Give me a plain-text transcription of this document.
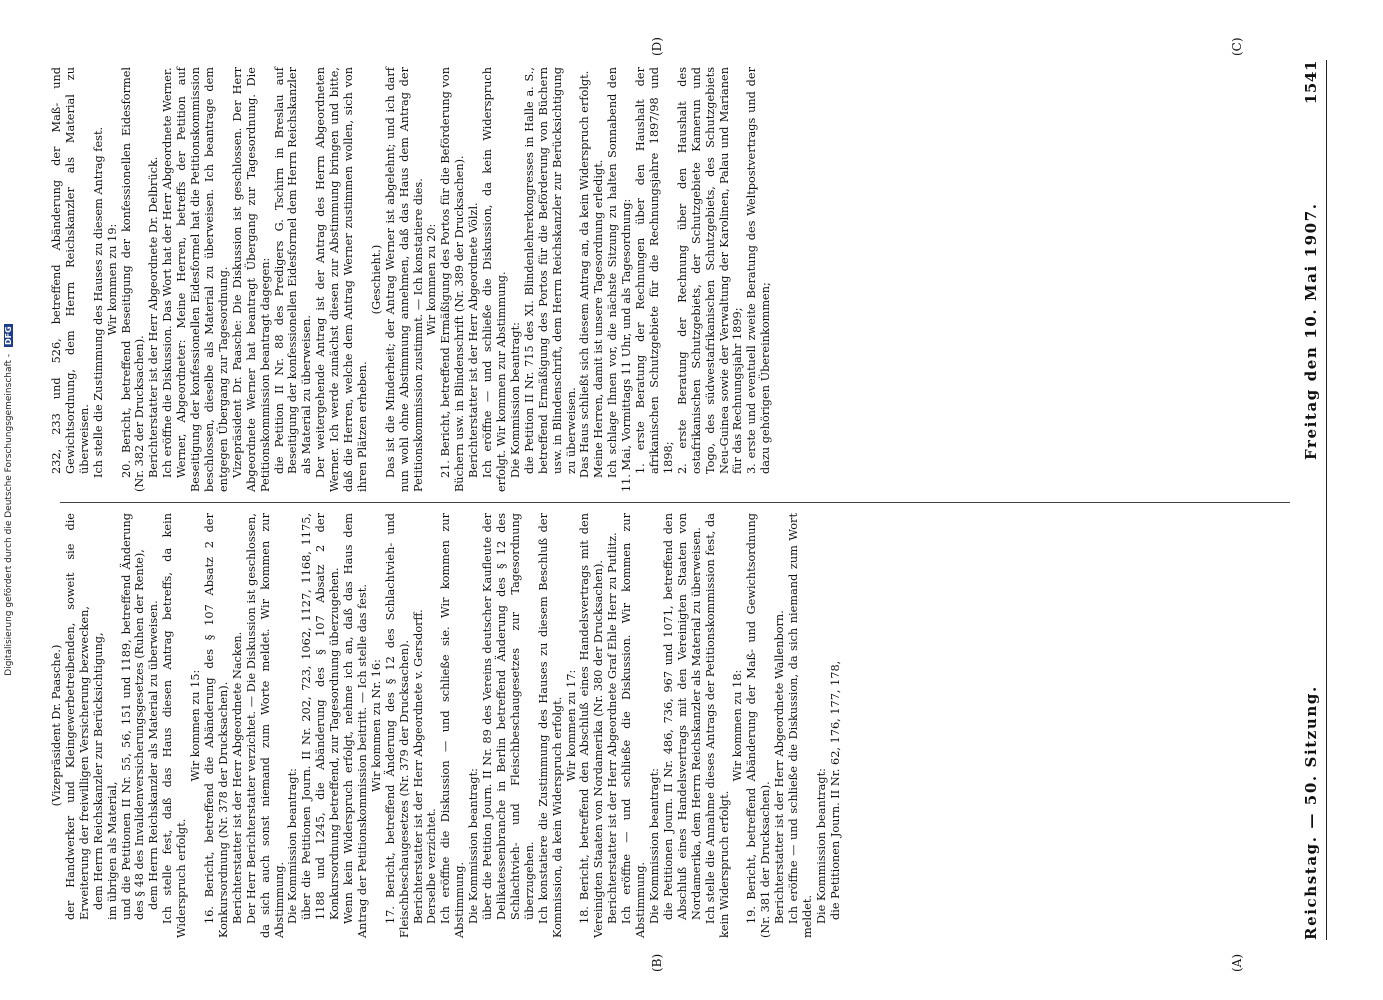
Reichstag. — 50. Sitzung.
Freitag den 10. Mai 1907.
1541
(A)
(B)
(C)
(D)

(Vizepräsident Dr. Paasche.) der Handwerker und Kleingewerbetreibenden, soweit sie die Erweiterung der freiwilligen Versicherung bezwecken, dem Herrn Reichskanzler zur Berücksichtigung, im übrigen als Material, und die Petitionen II Nr. 55, 56, 151 und 1189, betreffend Änderung des § 48 des Invalidenversicherungsgesetzes (Ruhen der Rente), dem Herrn Reichskanzler als Material zu überweisen. Ich stelle fest, daß das Haus diesen Antrag betreffs, da kein Widerspruch erfolgt.

Wir kommen zu 15: 16. Bericht, betreffend die Abänderung des § 107 Absatz 2 der Konkursordnung (Nr. 378 der Drucksachen). Berichterstatter ist der Herr Abgeordnete Nacken. Der Herr Berichterstatter verzichtet. — Die Diskussion ist geschlossen, da sich auch sonst niemand zum Worte meldet. Wir kommen zur Abstimmung. Die Kommission beantragt: über die Petitionen Journ. II Nr. 202, 723, 1062, 1127, 1168, 1175, 1188 und 1245, die Abänderung des § 107 Absatz 2 der Konkursordnung betreffend, zur Tagesordnung überzugehen. Wenn kein Widerspruch erfolgt, nehme ich an, daß das Haus dem Antrag der Petitionskommission beitritt. — Ich stelle das fest. Wir kommen zu Nr. 16: 17. Bericht, betreffend Änderung des § 12 des Schlachtvieh- und Fleischbeschaugesetzes (Nr. 379 der Drucksachen). Berichterstatter ist der Herr Abgeordnete v. Gersdorff. Derselbe verzichtet. Ich eröffne die Diskussion — und schließe sie. Wir kommen zur Abstimmung. Die Kommission beantragt: über die Petition Journ. II Nr. 89 des Vereins deutscher Kaufleute der Delikatessenbranche in Berlin betreffend Änderung des § 12 des Schlachtvieh- und Fleischbeschaugesetzes zur Tagesordnung überzugehen. Ich konstatiere die Zustimmung des Hauses zu diesem Beschluß der Kommission, da kein Widerspruch erfolgt. Wir kommen zu 17: 18. Bericht, betreffend den Abschluß eines Handelsvertrags mit den Vereinigten Staaten von Nordamerika (Nr. 380 der Drucksachen). Berichterstatter ist der Herr Abgeordnete Graf Ehle Herr zu Putlitz. Ich eröffne — und schließe die Diskussion. Wir kommen zur Abstimmung. Die Kommission beantragt: die Petitionen Journ. II Nr. 486, 736, 967 und 1071, betreffend den Abschluß eines Handelsvertrags mit den Vereinigten Staaten von Nordamerika, dem Herrn Reichskanzler als Material zu überweisen. Ich stelle die Annahme dieses Antrags der Petitionskommission fest, da kein Widerspruch erfolgt.

Wir kommen zu 18: 19. Bericht, betreffend Abänderung der Maß- und Gewichtsordnung (Nr. 381 der Drucksachen). Berichterstatter ist der Herr Abgeordnete Wallenborn. Ich eröffne — und schließe die Diskussion, da sich niemand zum Wort meldet. Die Kommission beantragt: die Petitionen Journ. II Nr. 62, 176, 177, 178,

232, 233 und 526, betreffend Abänderung der Maß- und Gewichtsordnung, dem Herrn Reichskanzler als Material zu überweisen. Ich stelle die Zustimmung des Hauses zu diesem Antrag fest. Wir kommen zu 19: 20. Bericht, betreffend Beseitigung der konfessionellen Eidesformel (Nr. 382 der Drucksachen). Berichterstatter ist der Herr Abgeordnete Dr. Delbrück. Ich eröffne die Diskussion. Das Wort hat der Herr Abgeordnete Werner. Werner, Abgeordneter: Meine Herren, betreffs der Petition auf Beseitigung der konfessionellen Eidesformel hat die Petitionskommission beschlossen, dieselbe als Material zu überweisen. Ich beantrage dem entgegen Übergang zur Tagesordnung. Vizepräsident Dr. Paasche: Die Diskussion ist geschlossen. Der Herr Abgeordnete Werner hat beantragt Übergang zur Tagesordnung. Die Petitionskommission beantragt dagegen: die Petition II Nr. 88 des Predigers G. Tschirn in Breslau auf Beseitigung der konfessionellen Eidesformel dem Herrn Reichskanzler als Material zu überweisen. Der weitergehende Antrag ist der Antrag des Herrn Abgeordneten Werner. Ich werde zunächst diesen zur Abstimmung bringen und bitte, daß die Herren, welche dem Antrag Werner zustimmen wollen, sich von ihren Plätzen erheben.

(Geschieht.) Das ist die Minderheit; der Antrag Werner ist abgelehnt; und ich darf nun wohl ohne Abstimmung annehmen, daß das Haus dem Antrag der Petitionskommission zustimmt. — Ich konstatiere dies. Wir kommen zu 20: 21. Bericht, betreffend Ermäßigung des Portos für die Beförderung von Büchern usw. in Blindenschrift (Nr. 389 der Drucksachen). Berichterstatter ist der Herr Abgeordnete Völzl. Ich eröffne — und schließe die Diskussion, da kein Widerspruch erfolgt. Wir kommen zur Abstimmung. Die Kommission beantragt: die Petition II Nr. 715 des XI. Blindenlehrerkongresses in Halle a. S., betreffend Ermäßigung des Portos für die Beförderung von Büchern usw. in Blindenschrift, dem Herrn Reichskanzler zur Berücksichtigung zu überweisen. Das Haus schließt sich diesem Antrag an, da kein Widerspruch erfolgt. Meine Herren, damit ist unsere Tagesordnung erledigt. Ich schlage Ihnen vor, die nächste Sitzung zu halten Sonnabend den 11. Mai, Vormittags 11 Uhr, und als Tagesordnung: 1. erste Beratung der Rechnungen über den Haushalt der afrikanischen Schutzgebiete für die Rechnungsjahre 1897/98 und 1898; 2. erste Beratung der Rechnung über den Haushalt des ostafrikanischen Schutzgebiets, der Schutzgebiete Kamerun und Togo, des südwestafrikanischen Schutzgebiets, des Schutzgebiets Neu-Guinea sowie der Verwaltung der Karolinen, Palau und Marianen für das Rechnungsjahr 1899; 3. erste und eventuell zweite Beratung des Weltpostvertrags und der dazu gehörigen Übereinkommen;

Digitalisierung gefördert durch die Deutsche Forschungsgemeinschaft - DFG
